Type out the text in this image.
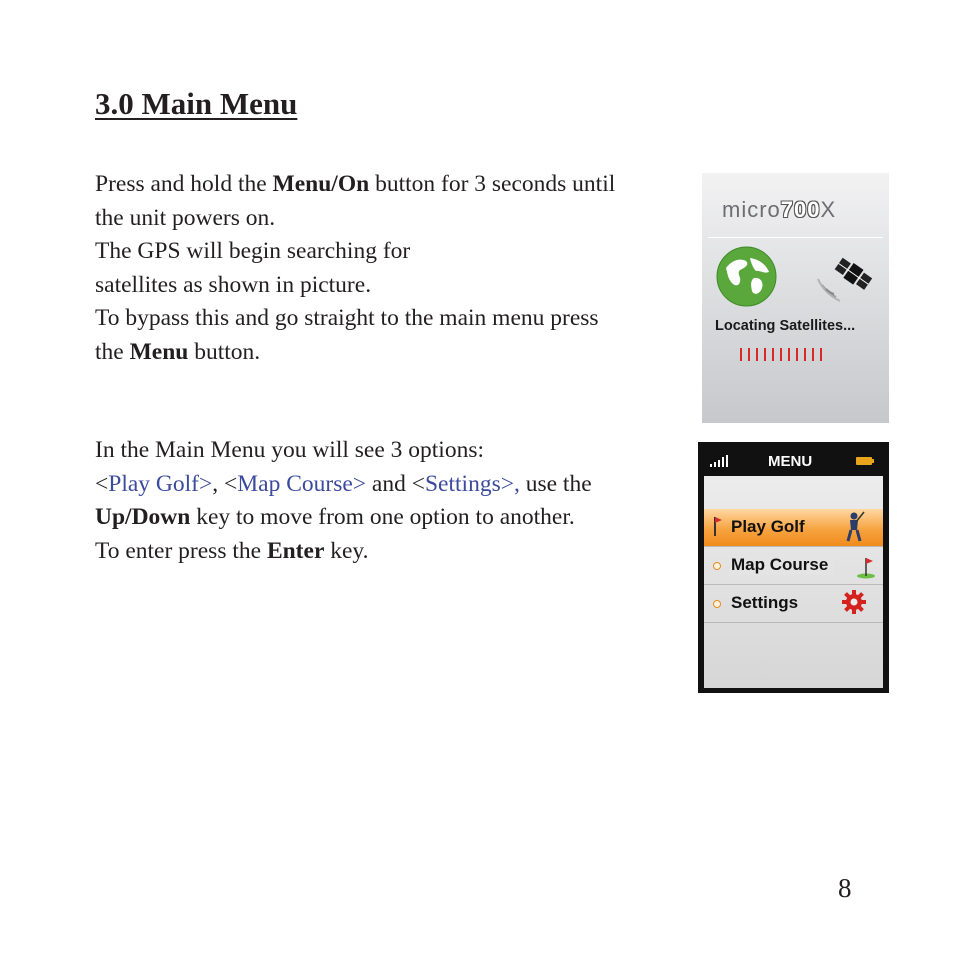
3.0 Main Menu

Press and hold the Menu/On button for 3 seconds until
the unit powers on.
The GPS will begin searching for
satellites as shown in picture.
To bypass this and go straight to the main menu press
the Menu button.

In the Main Menu you will see 3 options:
<Play Golf>, <Map Course> and <Settings>, use the
Up/Down key to move from one option to another.
To enter press the Enter key.

micro700X
Locating Satellites...
MENU
Play Golf
Map Course
Settings
8
